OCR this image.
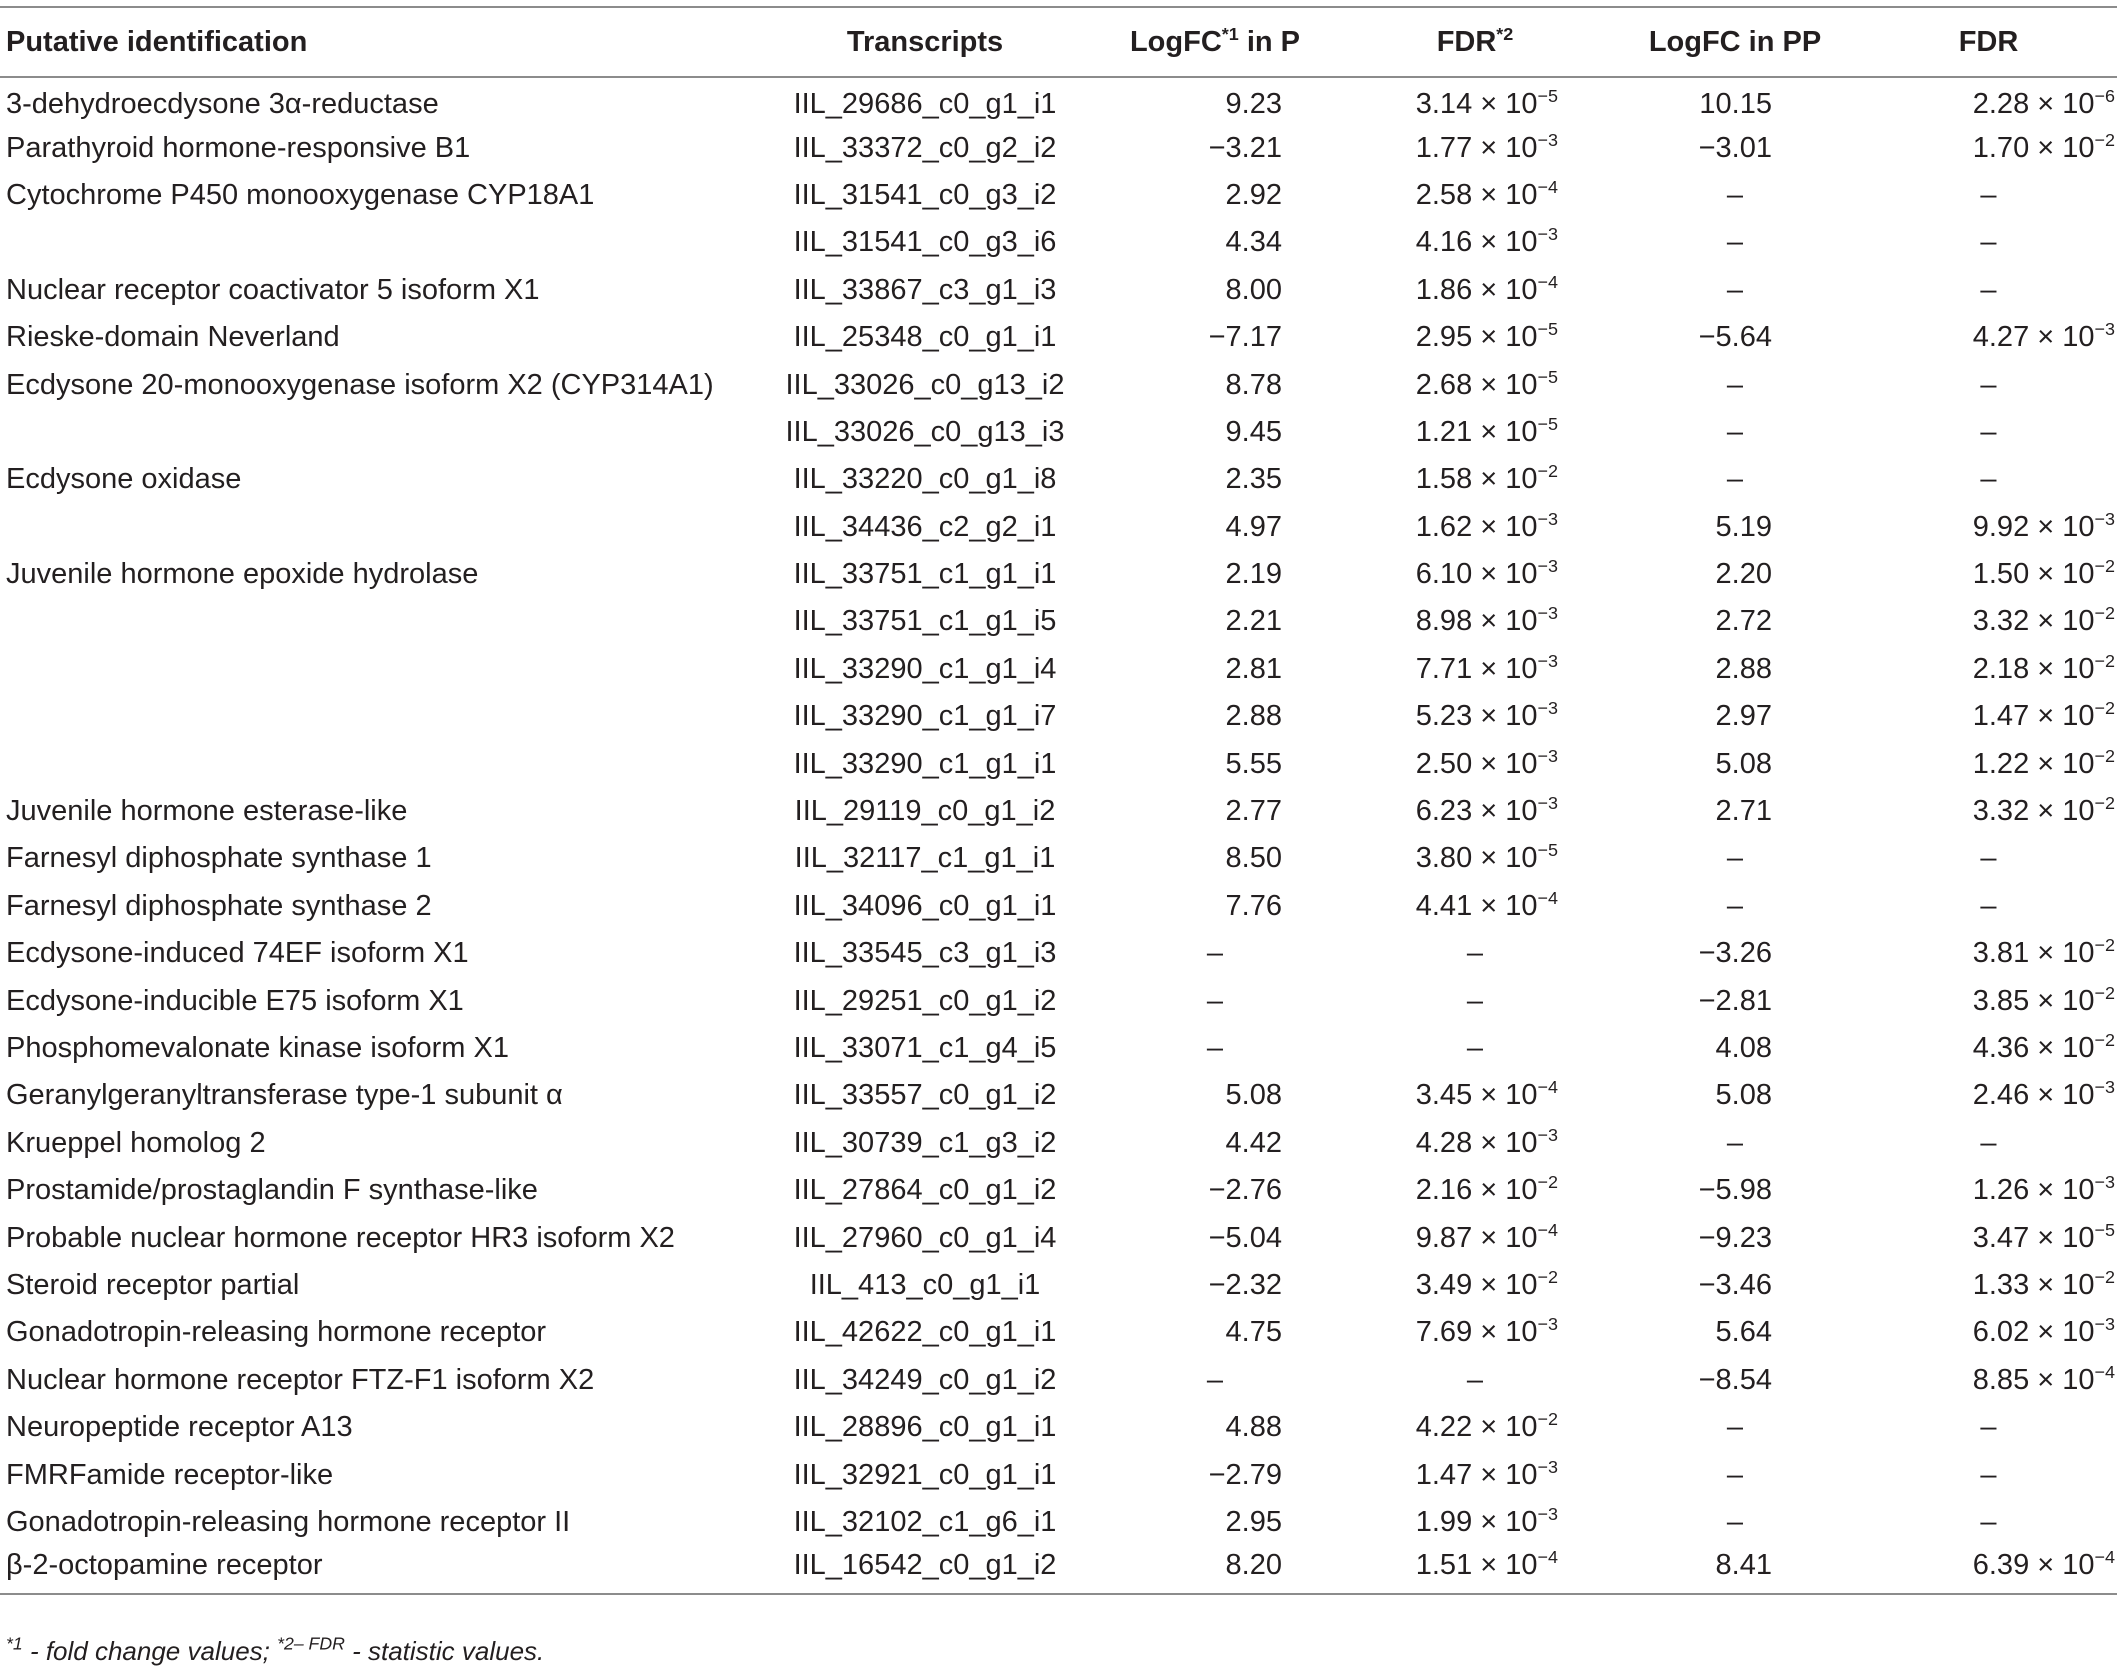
Putative identification	Transcripts	LogFC$^{*1}$ in P	FDR$^{*2}$	LogFC in PP	FDR
3-dehydroecdysone 3α-reductase	IIL_29686_c0_g1_i1	9.23	$3.14 \times 10^{-5}$	10.15	$2.28 \times 10^{-6}$
Parathyroid hormone-responsive B1	IIL_33372_c0_g2_i2	−3.21	$1.77 \times 10^{-3}$	−3.01	$1.70 \times 10^{-2}$
Cytochrome P450 monooxygenase CYP18A1	IIL_31541_c0_g3_i2	2.92	$2.58 \times 10^{-4}$	–	–
	IIL_31541_c0_g3_i6	4.34	$4.16 \times 10^{-3}$	–	–
Nuclear receptor coactivator 5 isoform X1	IIL_33867_c3_g1_i3	8.00	$1.86 \times 10^{-4}$	–	–
Rieske-domain Neverland	IIL_25348_c0_g1_i1	−7.17	$2.95 \times 10^{-5}$	−5.64	$4.27 \times 10^{-3}$
Ecdysone 20-monooxygenase isoform X2 (CYP314A1)	IIL_33026_c0_g13_i2	8.78	$2.68 \times 10^{-5}$	–	–
	IIL_33026_c0_g13_i3	9.45	$1.21 \times 10^{-5}$	–	–
Ecdysone oxidase	IIL_33220_c0_g1_i8	2.35	$1.58 \times 10^{-2}$	–	–
	IIL_34436_c2_g2_i1	4.97	$1.62 \times 10^{-3}$	5.19	$9.92 \times 10^{-3}$
Juvenile hormone epoxide hydrolase	IIL_33751_c1_g1_i1	2.19	$6.10 \times 10^{-3}$	2.20	$1.50 \times 10^{-2}$
	IIL_33751_c1_g1_i5	2.21	$8.98 \times 10^{-3}$	2.72	$3.32 \times 10^{-2}$
	IIL_33290_c1_g1_i4	2.81	$7.71 \times 10^{-3}$	2.88	$2.18 \times 10^{-2}$
	IIL_33290_c1_g1_i7	2.88	$5.23 \times 10^{-3}$	2.97	$1.47 \times 10^{-2}$
	IIL_33290_c1_g1_i1	5.55	$2.50 \times 10^{-3}$	5.08	$1.22 \times 10^{-2}$
Juvenile hormone esterase-like	IIL_29119_c0_g1_i2	2.77	$6.23 \times 10^{-3}$	2.71	$3.32 \times 10^{-2}$
Farnesyl diphosphate synthase 1	IIL_32117_c1_g1_i1	8.50	$3.80 \times 10^{-5}$	–	–
Farnesyl diphosphate synthase 2	IIL_34096_c0_g1_i1	7.76	$4.41 \times 10^{-4}$	–	–
Ecdysone-induced 74EF isoform X1	IIL_33545_c3_g1_i3	–	–	−3.26	$3.81 \times 10^{-2}$
Ecdysone-inducible E75 isoform X1	IIL_29251_c0_g1_i2	–	–	−2.81	$3.85 \times 10^{-2}$
Phosphomevalonate kinase isoform X1	IIL_33071_c1_g4_i5	–	–	4.08	$4.36 \times 10^{-2}$
Geranylgeranyltransferase type-1 subunit α	IIL_33557_c0_g1_i2	5.08	$3.45 \times 10^{-4}$	5.08	$2.46 \times 10^{-3}$
Krueppel homolog 2	IIL_30739_c1_g3_i2	4.42	$4.28 \times 10^{-3}$	–	–
Prostamide/prostaglandin F synthase-like	IIL_27864_c0_g1_i2	−2.76	$2.16 \times 10^{-2}$	−5.98	$1.26 \times 10^{-3}$
Probable nuclear hormone receptor HR3 isoform X2	IIL_27960_c0_g1_i4	−5.04	$9.87 \times 10^{-4}$	−9.23	$3.47 \times 10^{-5}$
Steroid receptor partial	IIL_413_c0_g1_i1	−2.32	$3.49 \times 10^{-2}$	−3.46	$1.33 \times 10^{-2}$
Gonadotropin-releasing hormone receptor	IIL_42622_c0_g1_i1	4.75	$7.69 \times 10^{-3}$	5.64	$6.02 \times 10^{-3}$
Nuclear hormone receptor FTZ-F1 isoform X2	IIL_34249_c0_g1_i2	–	–	−8.54	$8.85 \times 10^{-4}$
Neuropeptide receptor A13	IIL_28896_c0_g1_i1	4.88	$4.22 \times 10^{-2}$	–	–
FMRFamide receptor-like	IIL_32921_c0_g1_i1	−2.79	$1.47 \times 10^{-3}$	–	–
Gonadotropin-releasing hormone receptor II	IIL_32102_c1_g6_i1	2.95	$1.99 \times 10^{-3}$	–	–
β-2-octopamine receptor	IIL_16542_c0_g1_i2	8.20	$1.51 \times 10^{-4}$	8.41	$6.39 \times 10^{-4}$
$^{*1}$ - fold change values; $^{*2- FDR}$ - statistic values.
